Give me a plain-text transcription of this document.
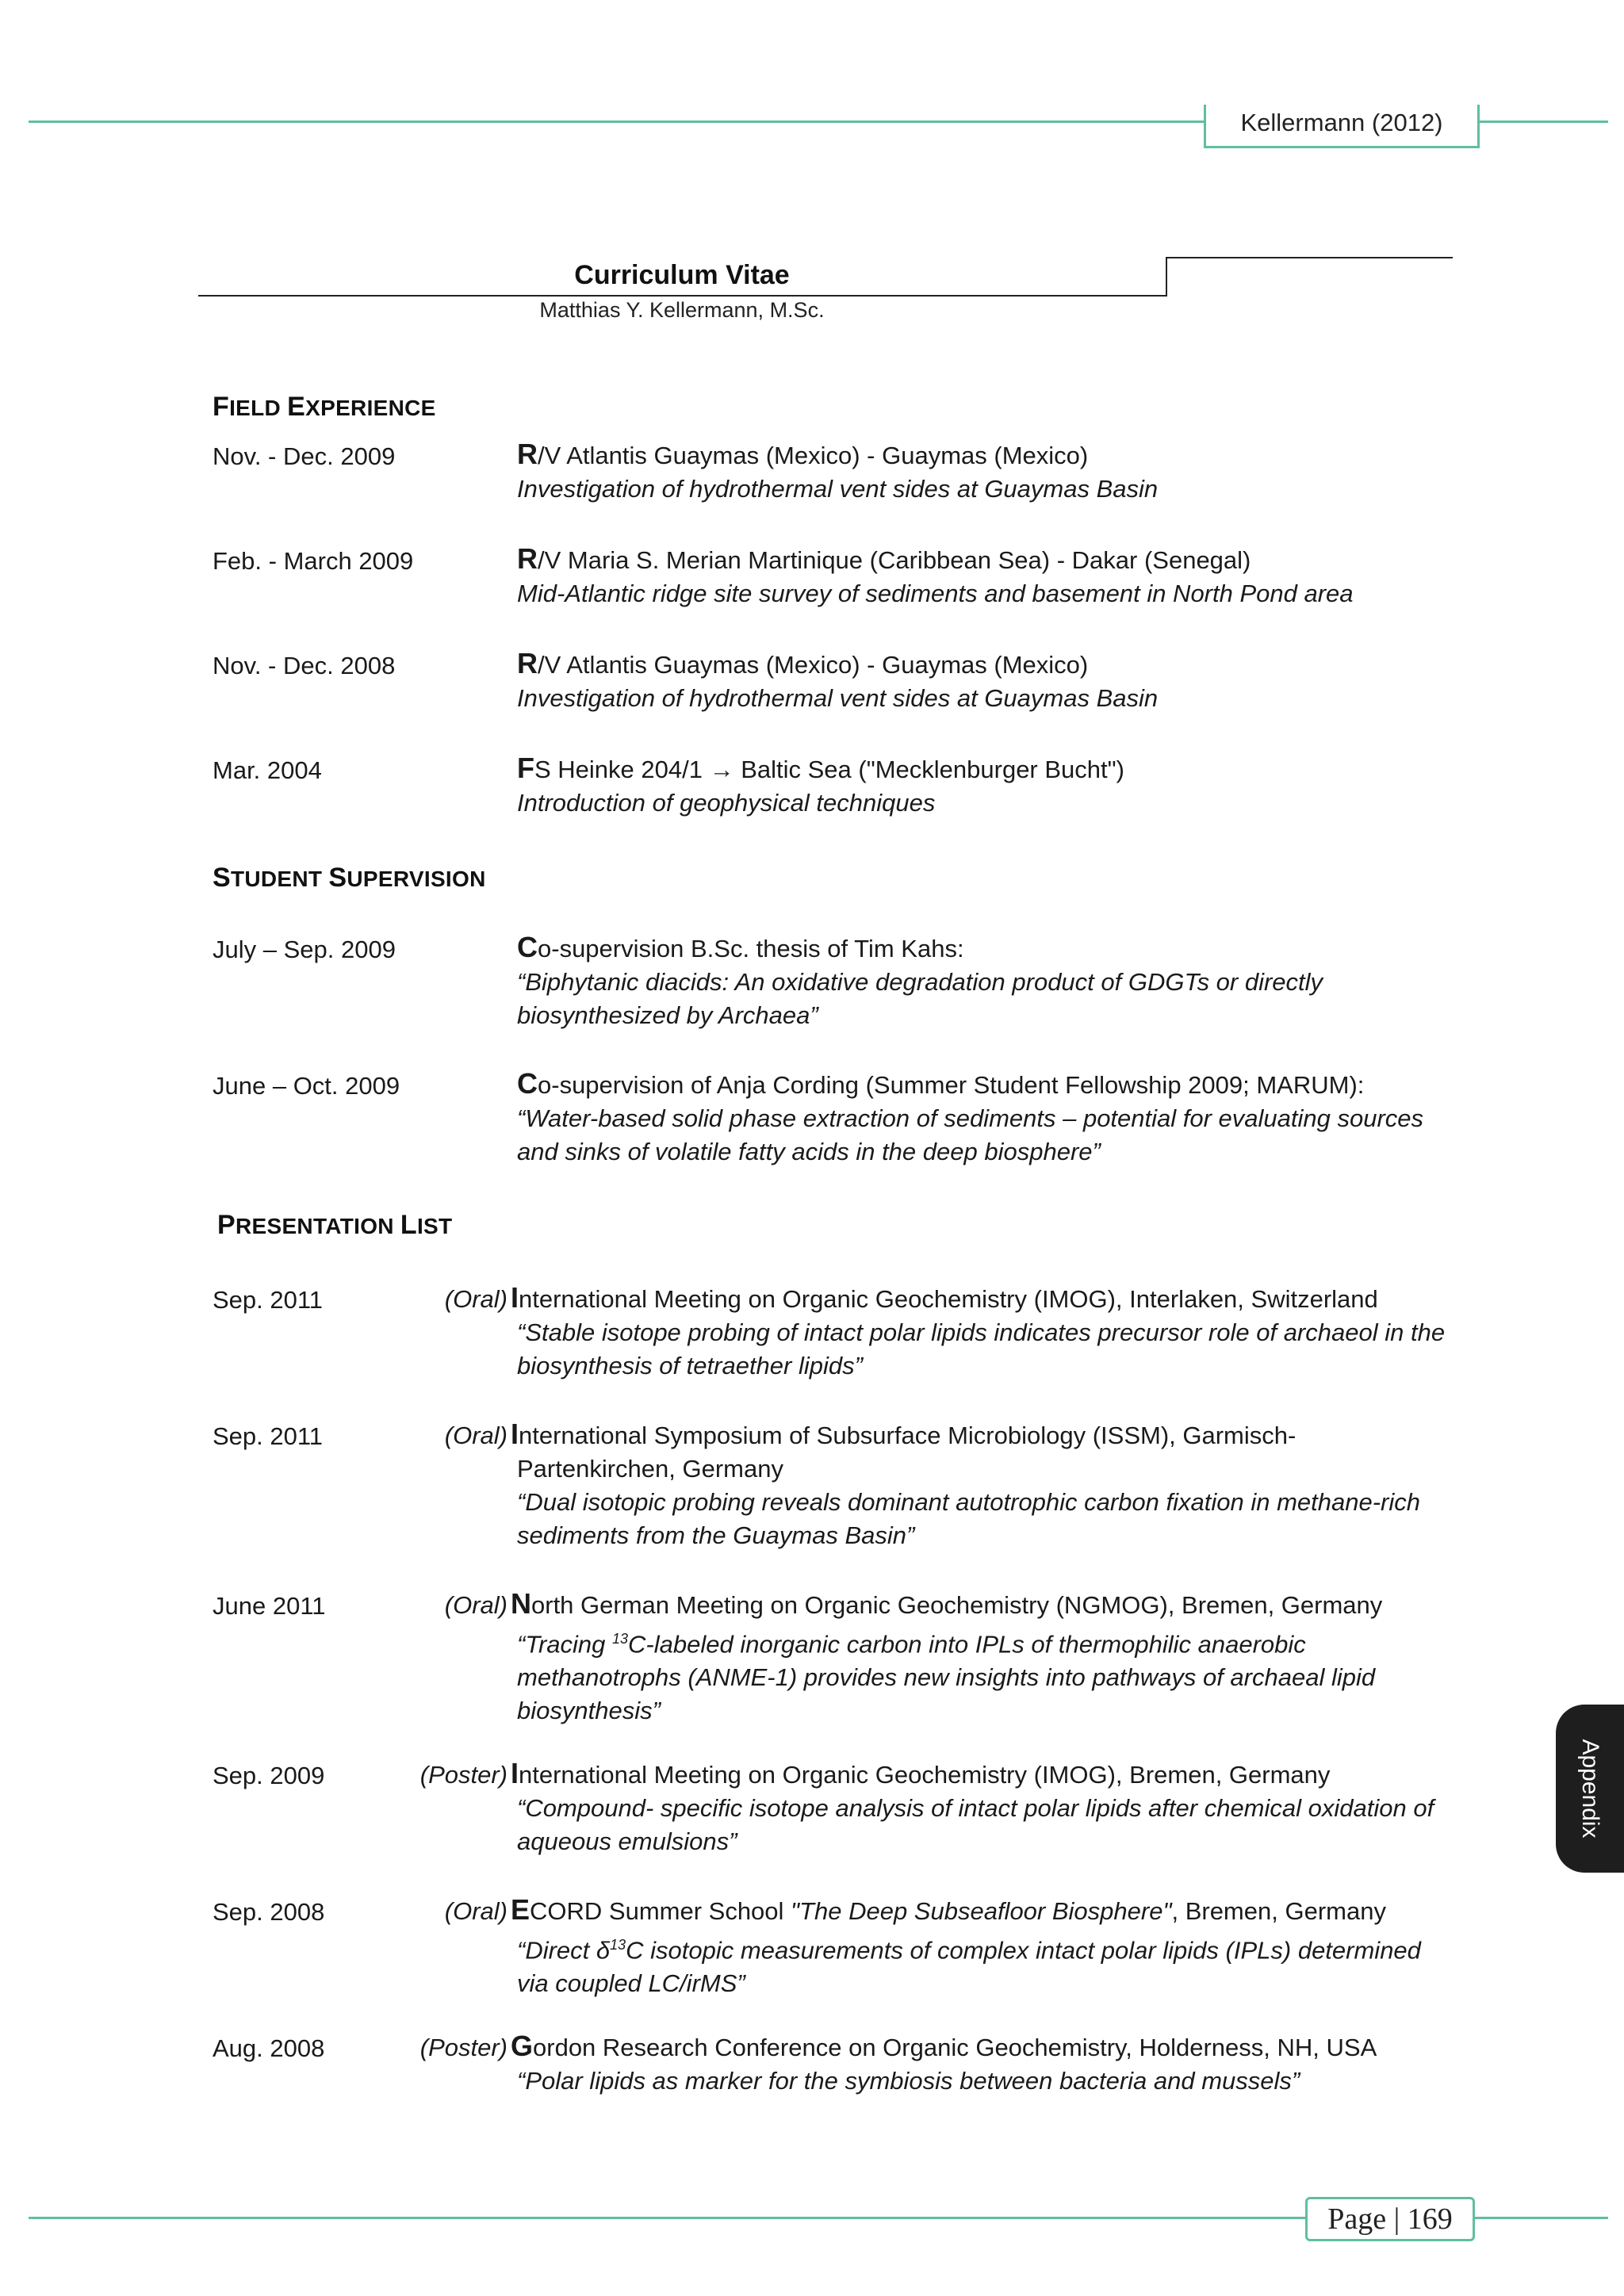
Kellermann (2012)
Curriculum Vitae
Matthias Y. Kellermann, M.Sc.
FIELD EXPERIENCE
Nov. - Dec. 2009	R/V Atlantis Guaymas (Mexico) - Guaymas (Mexico)
Investigation of hydrothermal vent sides at Guaymas Basin
Feb. - March 2009	R/V Maria S. Merian Martinique (Caribbean Sea) - Dakar (Senegal)
Mid-Atlantic ridge site survey of sediments and basement in North Pond area
Nov. - Dec. 2008	R/V Atlantis Guaymas (Mexico) - Guaymas (Mexico)
Investigation of hydrothermal vent sides at Guaymas Basin
Mar. 2004	FS Heinke 204/1 → Baltic Sea ("Mecklenburger Bucht")
Introduction of geophysical techniques
STUDENT SUPERVISION
July – Sep. 2009	Co-supervision B.Sc. thesis of Tim Kahs:
“Biphytanic diacids: An oxidative degradation product of GDGTs or directly biosynthesized by Archaea”
June – Oct. 2009	Co-supervision of Anja Cording (Summer Student Fellowship 2009; MARUM):
“Water-based solid phase extraction of sediments – potential for evaluating sources and sinks of volatile fatty acids in the deep biosphere”
PRESENTATION LIST
Sep. 2011	(Oral) International Meeting on Organic Geochemistry (IMOG), Interlaken, Switzerland
“Stable isotope probing of intact polar lipids indicates precursor role of archaeol in the biosynthesis of tetraether lipids”
Sep. 2011	(Oral) International Symposium of Subsurface Microbiology (ISSM), Garmisch-
Partenkirchen, Germany
“Dual isotopic probing reveals dominant autotrophic carbon fixation in methane-rich sediments from the Guaymas Basin”
June 2011	(Oral) North German Meeting on Organic Geochemistry (NGMOG), Bremen, Germany
“Tracing $^{13}$C-labeled inorganic carbon into IPLs of thermophilic anaerobic methanotrophs (ANME-1) provides new insights into pathways of archaeal lipid biosynthesis”
Sep. 2009	(Poster) International Meeting on Organic Geochemistry (IMOG), Bremen, Germany
“Compound- specific isotope analysis of intact polar lipids after chemical oxidation of aqueous emulsions”
Sep. 2008	(Oral) ECORD Summer School "The Deep Subseafloor Biosphere", Bremen, Germany
“Direct $\delta^{13}C$ isotopic measurements of complex intact polar lipids (IPLs) determined via coupled LC/irMS”
Aug. 2008	(Poster) Gordon Research Conference on Organic Geochemistry, Holderness, NH, USA
“Polar lipids as marker for the symbiosis between bacteria and mussels”
Appendix
Page | 169
